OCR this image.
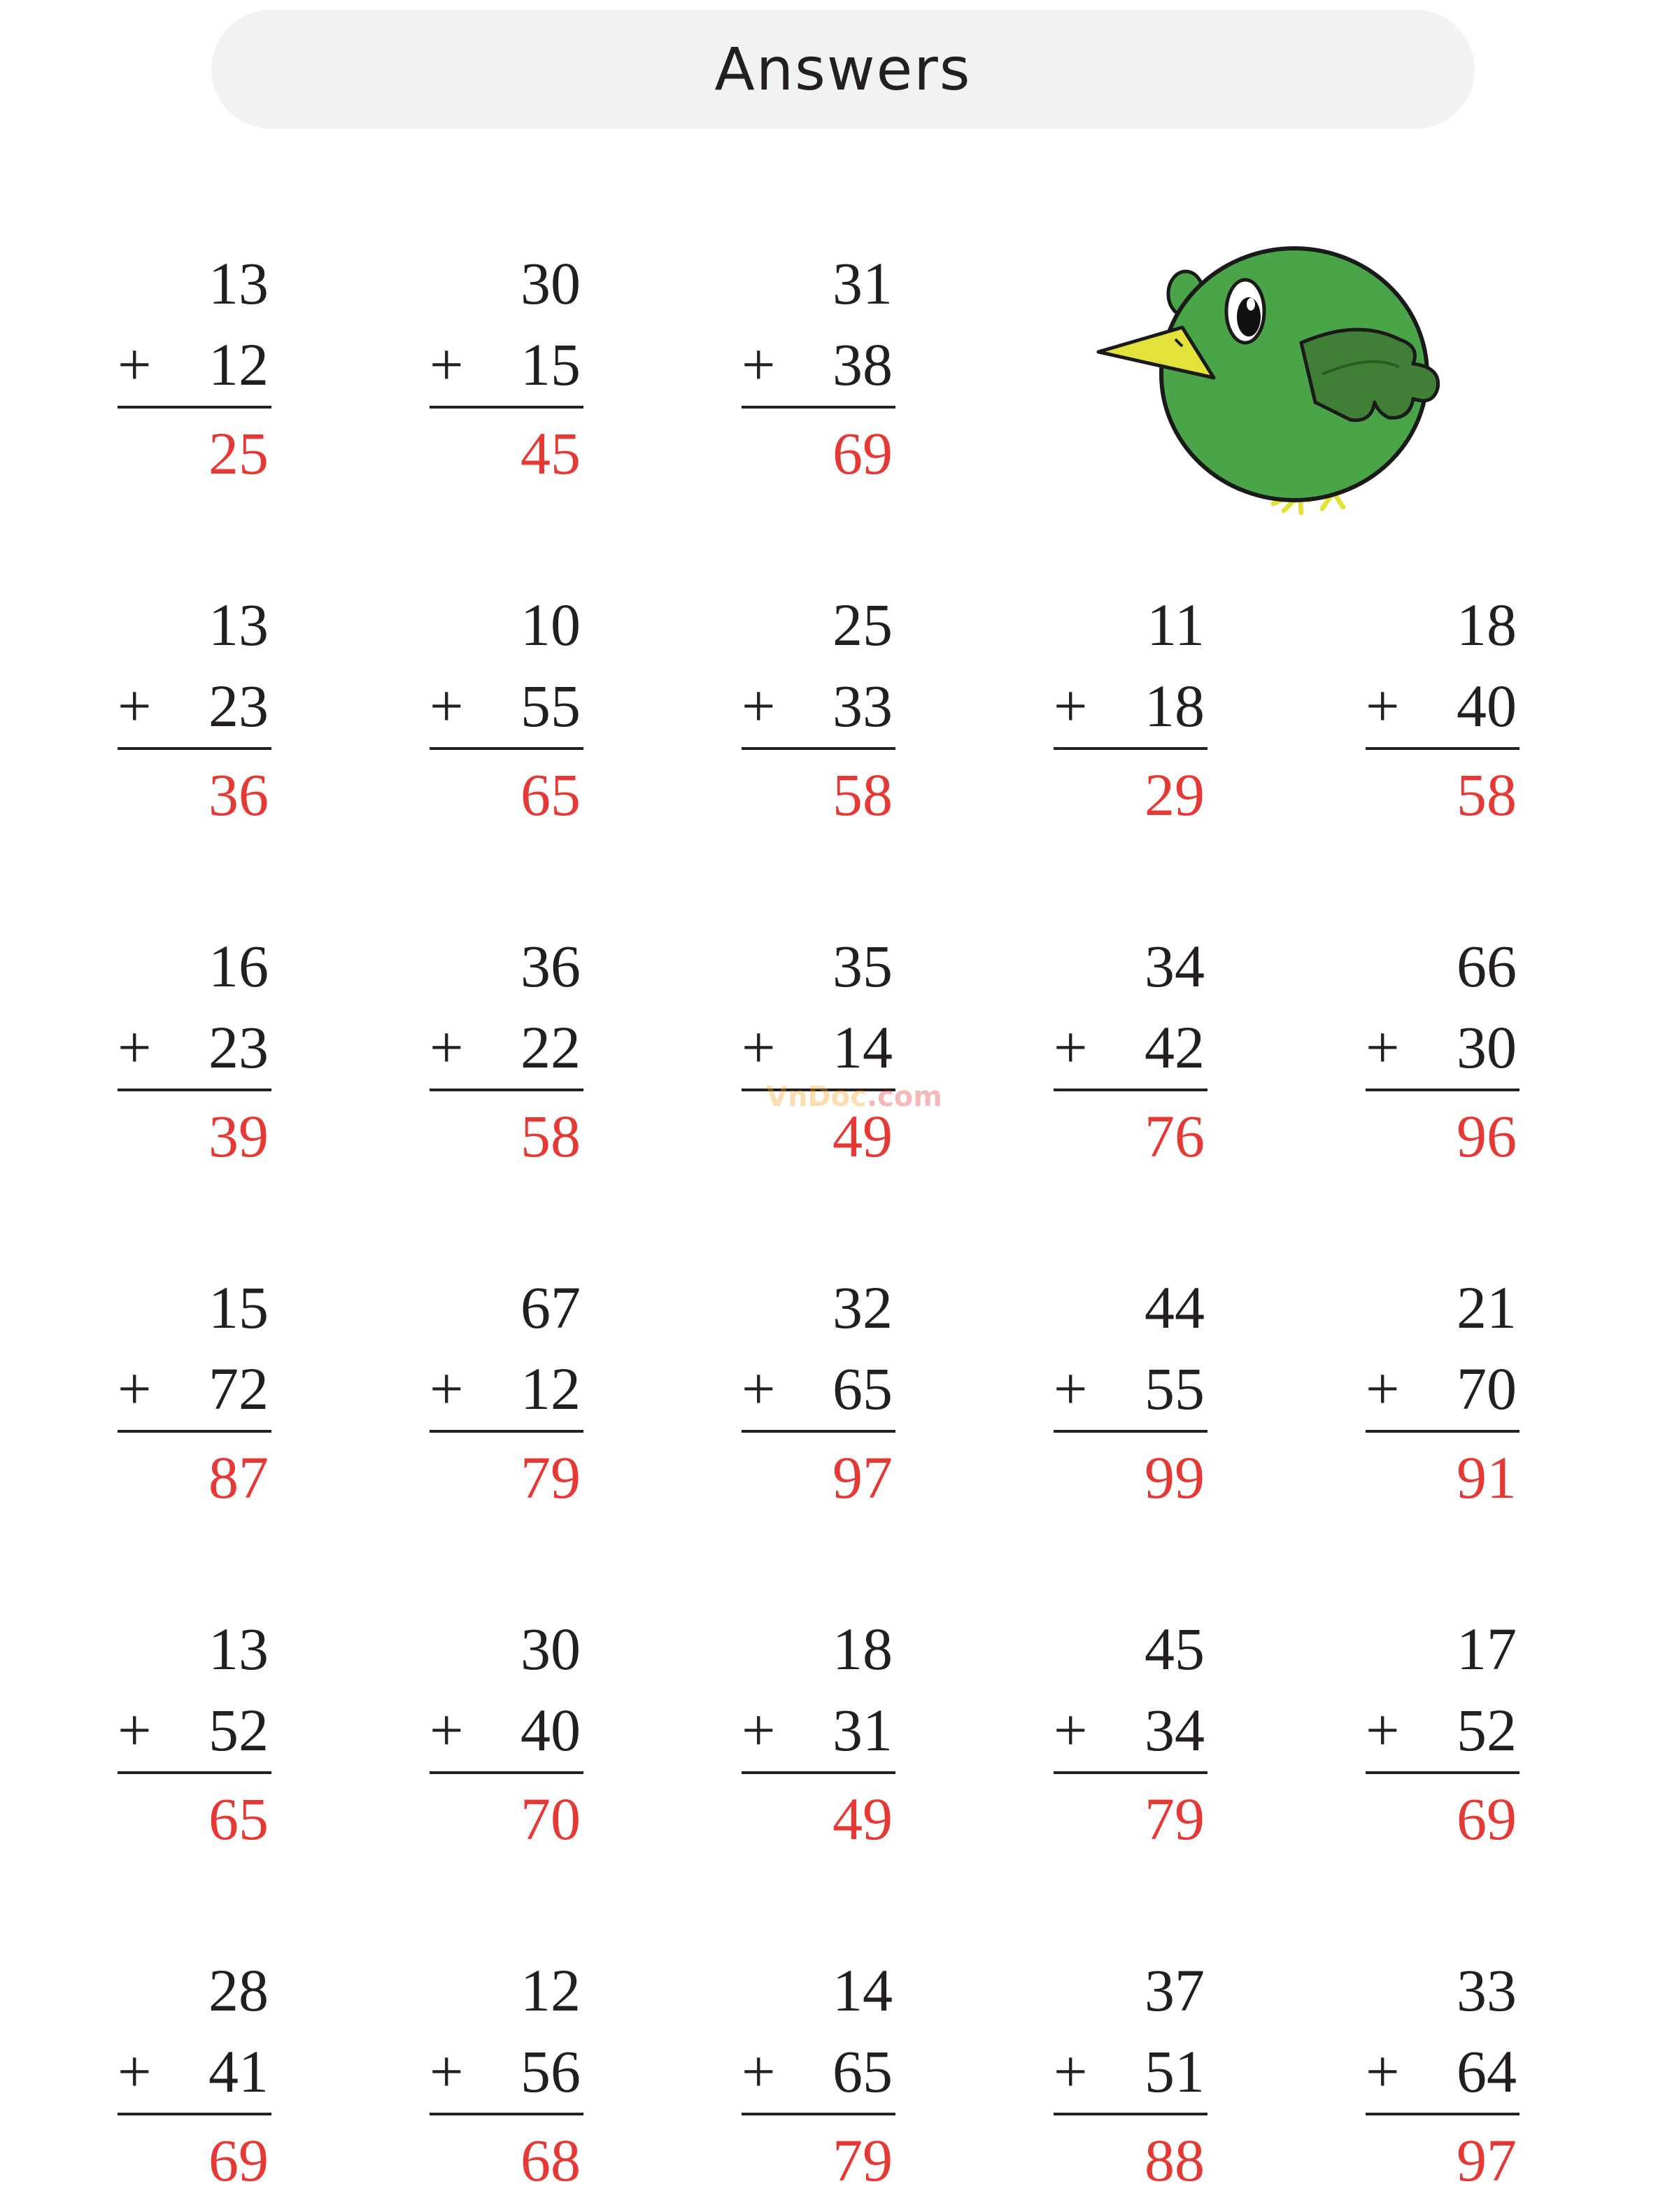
Answers
13
+ 12
25
30
+ 15
45
31
+ 38
69
13
+ 23
36
10
+ 55
65
25
+ 33
58
11
+ 18
29
18
+ 40
58
16
+ 23
39
36
+ 22
58
35
+ 14
49
34
+ 42
76
66
+ 30
96
15
+ 72
87
67
+ 12
79
32
+ 65
97
44
+ 55
99
21
+ 70
91
13
+ 52
65
30
+ 40
70
18
+ 31
49
45
+ 34
79
17
+ 52
69
28
+ 41
69
12
+ 56
68
14
+ 65
79
37
+ 51
88
33
+ 64
97
VnDoc.com
